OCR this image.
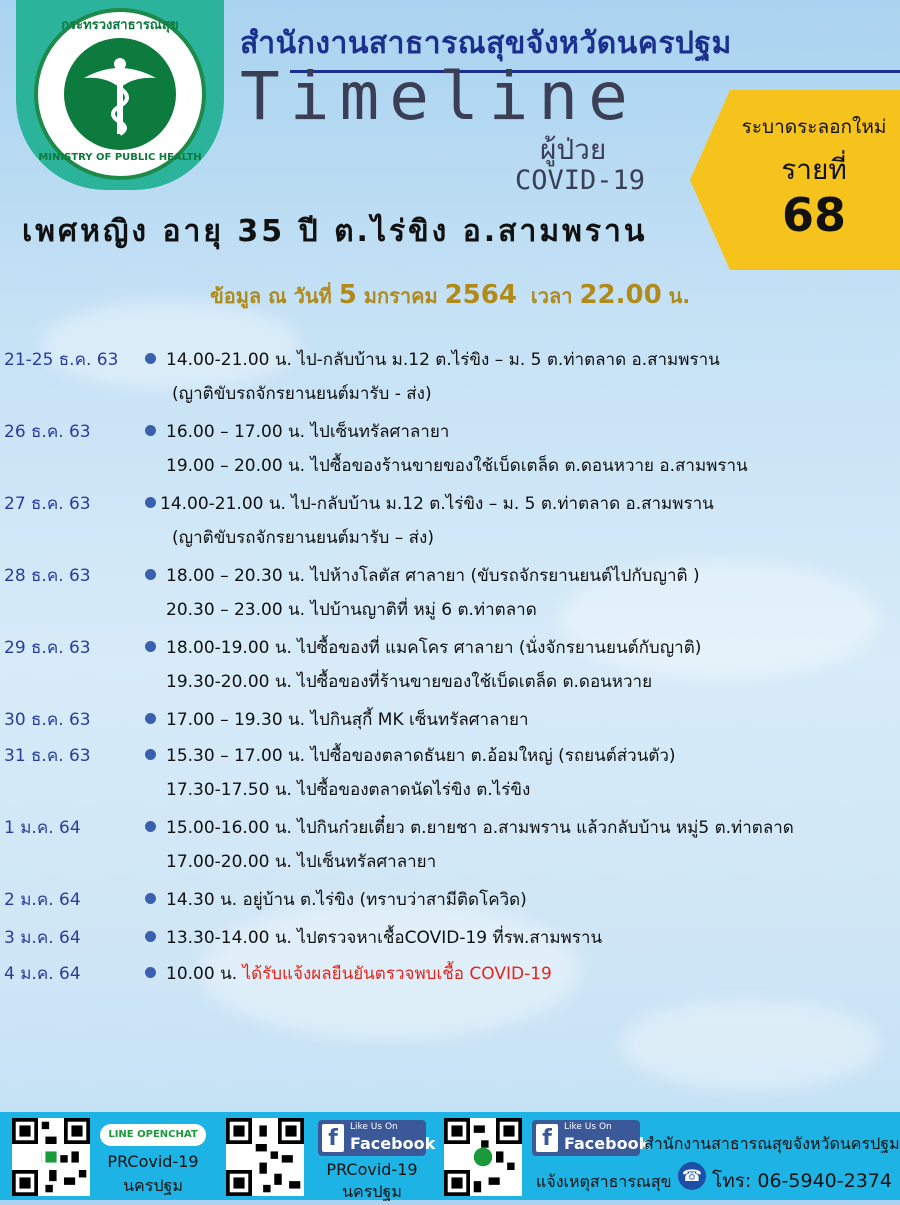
กระทรวงสาธารณสุข
MINISTRY OF PUBLIC HEALTH
สำนักงานสาธารณสุขจังหวัดนครปฐม
Timeline
ผู้ป่วย
COVID-19
ระบาดระลอกใหม่
รายที่
68
เพศหญิง อายุ 35 ปี ต.ไร่ขิง อ.สามพราน
ข้อมูล ณ วันที่ 5 มกราคม 2564 เวลา 22.00 น.
21-25 ธ.ค. 63	14.00-21.00 น. ไป-กลับบ้าน ม.12 ต.ไร่ขิง – ม. 5 ต.ท่าตลาด อ.สามพราน
(ญาติขับรถจักรยานยนต์มารับ - ส่ง)
26 ธ.ค. 63	16.00 – 17.00 น. ไปเซ็นทรัลศาลายา
19.00 – 20.00 น. ไปซื้อของร้านขายของใช้เบ็ดเตล็ด ต.ดอนหวาย อ.สามพราน
27 ธ.ค. 63	14.00-21.00 น. ไป-กลับบ้าน ม.12 ต.ไร่ขิง – ม. 5 ต.ท่าตลาด อ.สามพราน
(ญาติขับรถจักรยานยนต์มารับ – ส่ง)
28 ธ.ค. 63	18.00 – 20.30 น. ไปห้างโลตัส ศาลายา (ขับรถจักรยานยนต์ไปกับญาติ )
20.30 – 23.00 น. ไปบ้านญาติที่ หมู่ 6 ต.ท่าตลาด
29 ธ.ค. 63	18.00-19.00 น. ไปซื้อของที่ แมคโคร ศาลายา (นั่งจักรยานยนต์กับญาติ)
19.30-20.00 น. ไปซื้อของที่ร้านขายของใช้เบ็ดเตล็ด ต.ดอนหวาย
30 ธ.ค. 63	17.00 – 19.30 น. ไปกินสุกี้ MK เซ็นทรัลศาลายา
31 ธ.ค. 63	15.30 – 17.00 น. ไปซื้อของตลาดธันยา ต.อ้อมใหญ่ (รถยนต์ส่วนตัว)
17.30-17.50 น. ไปซื้อของตลาดนัดไร่ขิง ต.ไร่ขิง
1 ม.ค. 64	15.00-16.00 น. ไปกินก๋วยเตี๋ยว ต.ยายชา อ.สามพราน แล้วกลับบ้าน หมู่5 ต.ท่าตลาด
17.00-20.00 น. ไปเซ็นทรัลศาลายา
2 ม.ค. 64	14.30 น. อยู่บ้าน ต.ไร่ขิง (ทราบว่าสามีติดโควิด)
3 ม.ค. 64	13.30-14.00 น. ไปตรวจหาเชื้อCOVID-19 ที่รพ.สามพราน
4 ม.ค. 64	10.00 น. ได้รับแจ้งผลยืนยันตรวจพบเชื้อ COVID-19
LINE OPENCHAT
PRCovid-19
นครปฐม
f	Like Us On
Facebook
PRCovid-19
นครปฐม
f	Like Us On
Facebook
สำนักงานสาธารณสุขจังหวัดนครปฐม
แจ้งเหตุสาธารณสุข โทร: 06-5940-2374
☎
